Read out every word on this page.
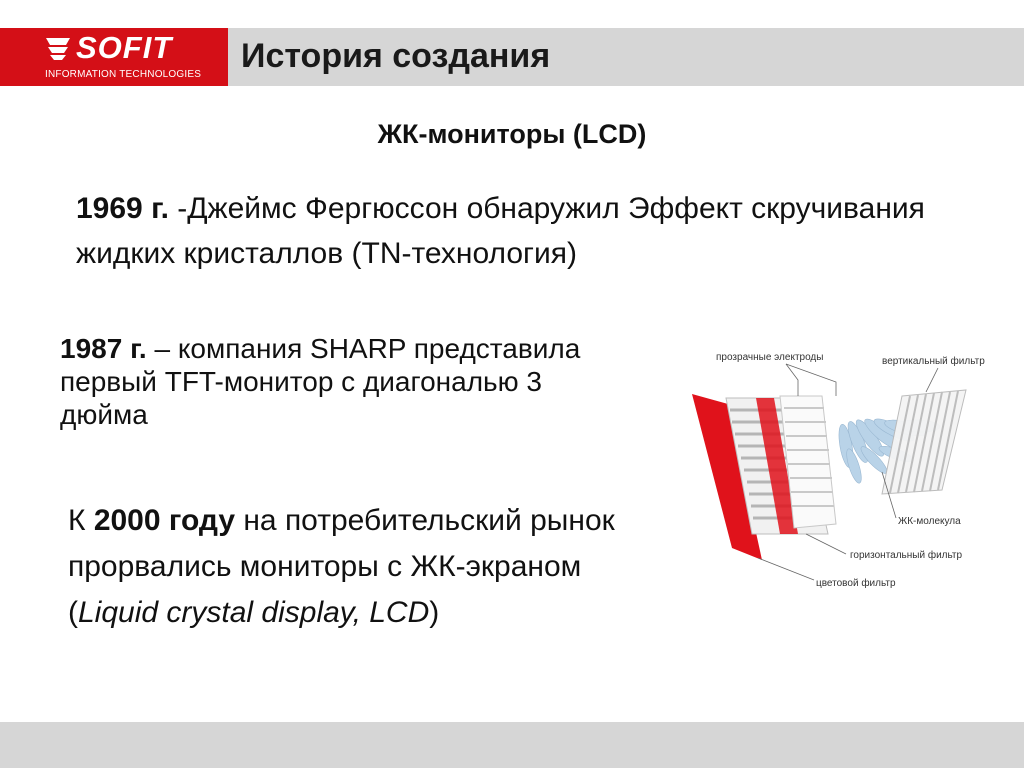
SOFIT
INFORMATION TECHNOLOGIES История создания
ЖК-мониторы (LCD)
1969 г. -Джеймс Фергюссон обнаружил Эффект скручивания жидких кристаллов (TN-технология)
1987 г. – компания SHARP представила
первый TFT-монитор с диагональю 3
дюйма
К 2000 году на потребительский рынок прорвались мониторы с ЖК-экраном (Liquid crystal display, LCD)
прозрачные электроды	вертикальный фильтр
ЖК-молекула
горизонтальный фильтр
цветовой фильтр
